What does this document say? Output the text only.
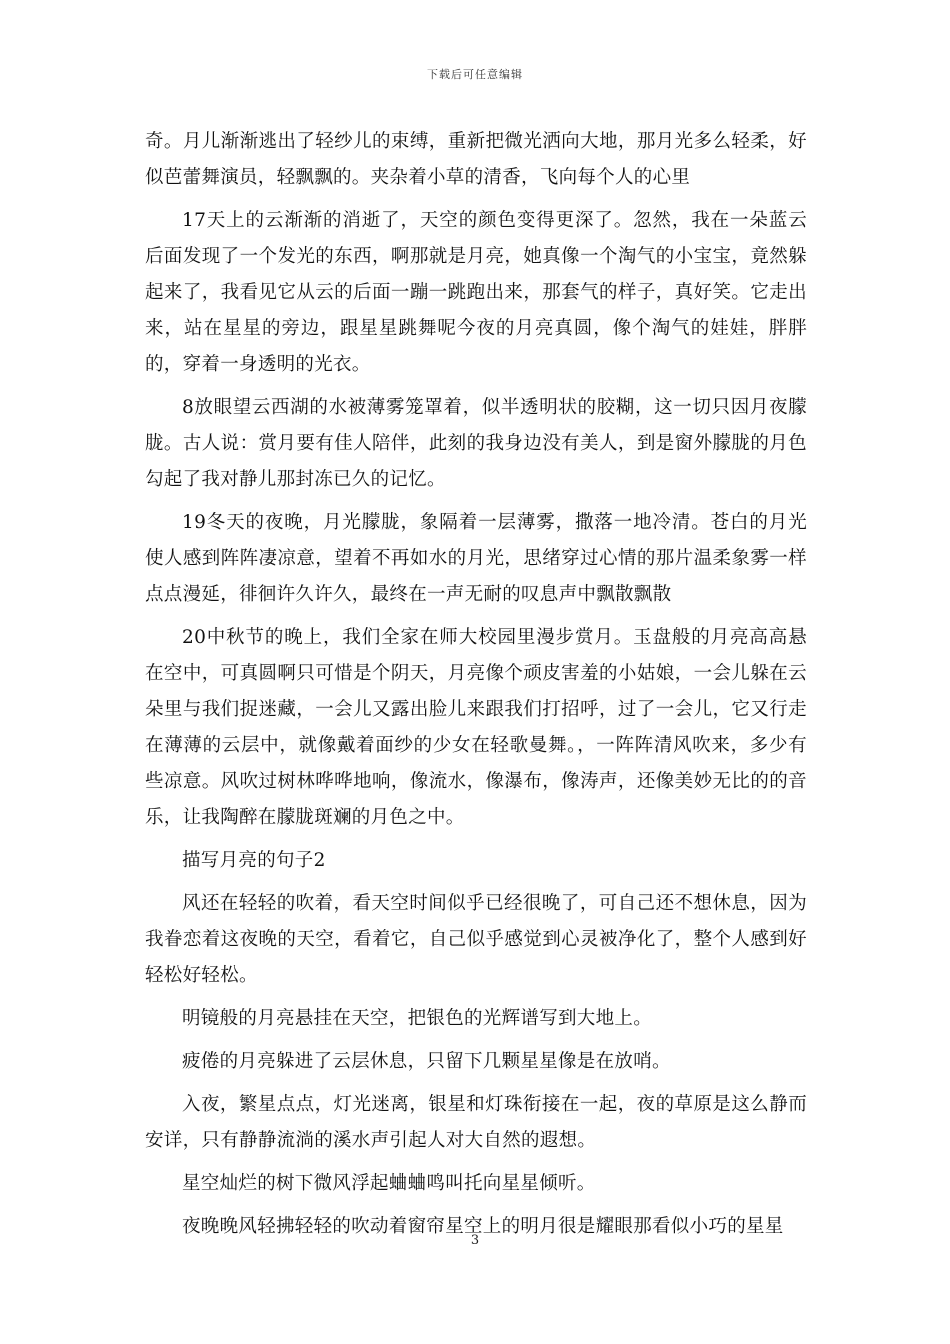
下载后可任意编辑

奇。月儿渐渐逃出了轻纱儿的束缚，重新把微光洒向大地，那月光多么轻柔，好似芭蕾舞演员，轻飘飘的。夹杂着小草的清香，飞向每个人的心里

17天上的云渐渐的消逝了，天空的颜色变得更深了。忽然，我在一朵蓝云后面发现了一个发光的东西，啊那就是月亮，她真像一个淘气的小宝宝，竟然躲起来了，我看见它从云的后面一蹦一跳跑出来，那套气的样子，真好笑。它走出来，站在星星的旁边，跟星星跳舞呢今夜的月亮真圆，像个淘气的娃娃，胖胖的，穿着一身透明的光衣。

8放眼望云西湖的水被薄雾笼罩着，似半透明状的胶糊，这一切只因月夜朦胧。古人说：赏月要有佳人陪伴，此刻的我身边没有美人，到是窗外朦胧的月色勾起了我对静儿那封冻已久的记忆。

19冬天的夜晚，月光朦胧，象隔着一层薄雾，撒落一地冷清。苍白的月光使人感到阵阵凄凉意，望着不再如水的月光，思绪穿过心情的那片温柔象雾一样点点漫延，徘徊许久许久，最终在一声无耐的叹息声中飘散飘散

20中秋节的晚上，我们全家在师大校园里漫步赏月。玉盘般的月亮高高悬在空中，可真圆啊只可惜是个阴天，月亮像个顽皮害羞的小姑娘，一会儿躲在云朵里与我们捉迷藏，一会儿又露出脸儿来跟我们打招呼，过了一会儿，它又行走在薄薄的云层中，就像戴着面纱的少女在轻歌曼舞。，一阵阵清风吹来，多少有些凉意。风吹过树林哗哗地响，像流水，像瀑布，像涛声，还像美妙无比的的音乐，让我陶醉在朦胧斑斓的月色之中。

描写月亮的句子2

风还在轻轻的吹着，看天空时间似乎已经很晚了，可自己还不想休息，因为我眷恋着这夜晚的天空，看着它，自己似乎感觉到心灵被净化了，整个人感到好轻松好轻松。

明镜般的月亮悬挂在天空，把银色的光辉谱写到大地上。

疲倦的月亮躲进了云层休息，只留下几颗星星像是在放哨。

入夜，繁星点点，灯光迷离，银星和灯珠衔接在一起，夜的草原是这么静而安详，只有静静流淌的溪水声引起人对大自然的遐想。

星空灿烂的树下微风浮起蛐蛐鸣叫托向星星倾听。

夜晚晚风轻拂轻轻的吹动着窗帘星空上的明月很是耀眼那看似小巧的星星

3
